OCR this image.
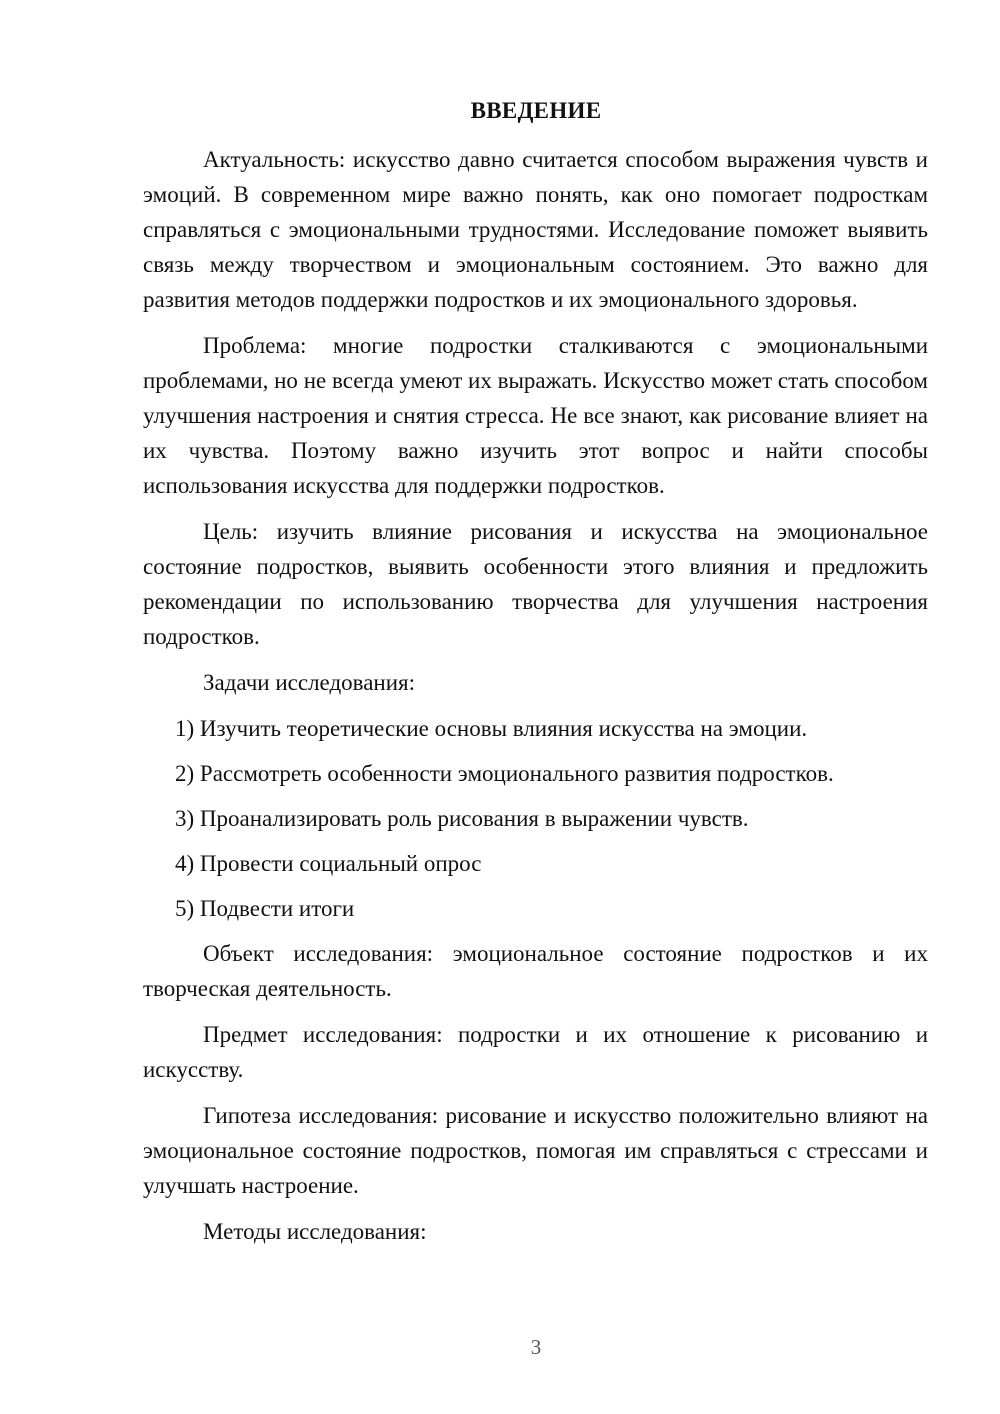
ВВЕДЕНИЕ

Актуальность: искусство давно считается способом выражения чувств и эмоций. В современном мире важно понять, как оно помогает подросткам справляться с эмоциональными трудностями. Исследование поможет выявить связь между творчеством и эмоциональным состоянием. Это важно для развития методов поддержки подростков и их эмоционального здоровья.

Проблема: многие подростки сталкиваются с эмоциональными проблемами, но не всегда умеют их выражать. Искусство может стать способом улучшения настроения и снятия стресса. Не все знают, как рисование влияет на их чувства. Поэтому важно изучить этот вопрос и найти способы использования искусства для поддержки подростков.

Цель: изучить влияние рисования и искусства на эмоциональное состояние подростков, выявить особенности этого влияния и предложить рекомендации по использованию творчества для улучшения настроения подростков.

Задачи исследования:

1) Изучить теоретические основы влияния искусства на эмоции.

2) Рассмотреть особенности эмоционального развития подростков.

3) Проанализировать роль рисования в выражении чувств.

4) Провести социальный опрос

5) Подвести итоги

Объект исследования: эмоциональное состояние подростков и их творческая деятельность.

Предмет исследования: подростки и их отношение к рисованию и искусству.

Гипотеза исследования: рисование и искусство положительно влияют на эмоциональное состояние подростков, помогая им справляться с стрессами и улучшать настроение.

Методы исследования:

3
